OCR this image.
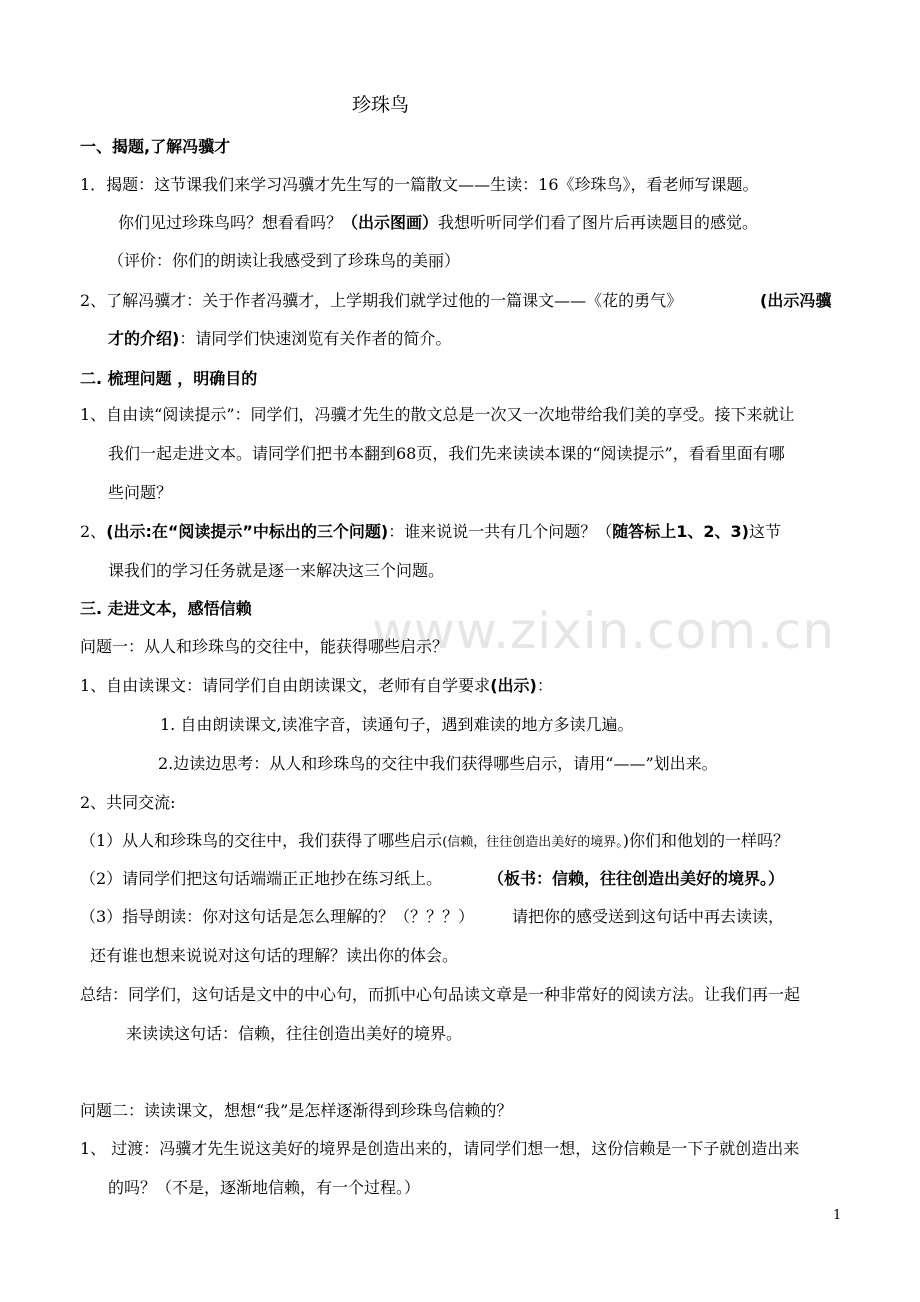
www.zixin.com.cn
珍珠鸟
一、揭题,了解冯骥才
1．揭题：这节课我们来学习冯骥才先生写的一篇散文——生读：16《珍珠鸟》，看老师写课题。
你们见过珍珠鸟吗？想看看吗？（出示图画）我想听听同学们看了图片后再读题目的感觉。
（评价：你们的朗读让我感受到了珍珠鸟的美丽）
2、了解冯骥才：关于作者冯骥才，上学期我们就学过他的一篇课文——《花的勇气》	(出示冯骥
才的介绍)：请同学们快速浏览有关作者的简介。
二. 梳理问题 ，明确目的
1、自由读“阅读提示”：同学们，冯骥才先生的散文总是一次又一次地带给我们美的享受。接下来就让
我们一起走进文本。请同学们把书本翻到68页，我们先来读读本课的“阅读提示”，看看里面有哪
些问题？
2、(出示:在“阅读提示”中标出的三个问题)：谁来说说一共有几个问题？（随答标上1、2、3)这节
课我们的学习任务就是逐一来解决这三个问题。
三. 走进文本，感悟信赖
问题一：从人和珍珠鸟的交往中，能获得哪些启示？
1、自由读课文：请同学们自由朗读课文，老师有自学要求(出示)：
1. 自由朗读课文,读准字音，读通句子，遇到难读的地方多读几遍。
2.边读边思考：从人和珍珠鸟的交往中我们获得哪些启示，请用“——”划出来。
2、共同交流:
（1）从人和珍珠鸟的交往中，我们获得了哪些启示(信赖，往往创造出美好的境界。)你们和他划的一样吗？
（2）请同学们把这句话端端正正地抄在练习纸上。	（板书：信赖，往往创造出美好的境界。）
（3）指导朗读：你对这句话是怎么理解的？（？？？） 请把你的感受送到这句话中再去读读，
还有谁也想来说说对这句话的理解？读出你的体会。
总结：同学们，这句话是文中的中心句，而抓中心句品读文章是一种非常好的阅读方法。让我们再一起
来读读这句话：信赖，往往创造出美好的境界。
问题二：读读课文，想想“我”是怎样逐渐得到珍珠鸟信赖的？
1、 过渡：冯骥才先生说这美好的境界是创造出来的，请同学们想一想，这份信赖是一下子就创造出来
的吗？（不是，逐渐地信赖，有一个过程。）
1
